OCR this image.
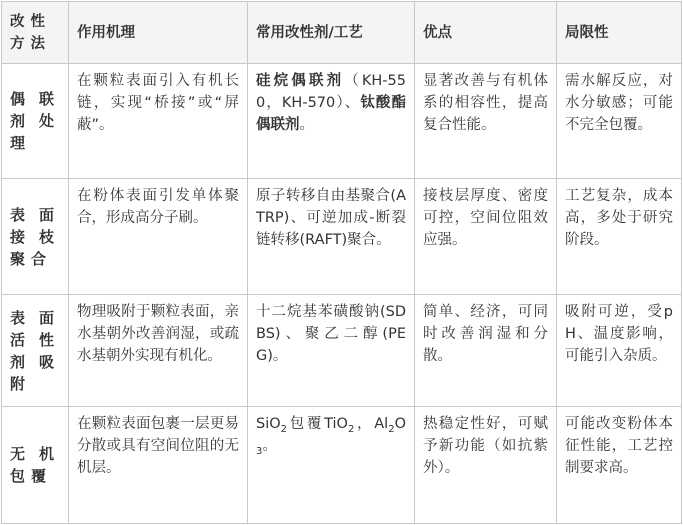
改性方法	作用机理	常用改性剂/工艺	优点	局限性
偶联剂处理	在颗粒表面引入有机长链，实现“桥接”或“屏蔽”。	硅烷偶联剂（KH-550，KH-570）、钛酸酯偶联剂。	显著改善与有机体系的相容性，提高复合性能。	需水解反应，对水分敏感；可能不完全包覆。
表面接枝聚合	在粉体表面引发单体聚合，形成高分子刷。	原子转移自由基聚合(ATRP)、可逆加成-断裂链转移(RAFT)聚合。	接枝层厚度、密度可控，空间位阻效应强。	工艺复杂，成本高，多处于研究阶段。
表面活性剂吸附	物理吸附于颗粒表面，亲水基朝外改善润湿，或疏水基朝外实现有机化。	十二烷基苯磺酸钠(SDBS)、聚乙二醇(PEG)。	简单、经济，可同时改善润湿和分散。	吸附可逆，受pH、温度影响，可能引入杂质。
无机包覆	在颗粒表面包裹一层更易分散或具有空间位阻的无机层。	SiO$_2$包覆TiO$_2$，$Al_2O_3$。	热稳定性好，可赋予新功能（如抗紫外）。	可能改变粉体本征性能，工艺控制要求高。
